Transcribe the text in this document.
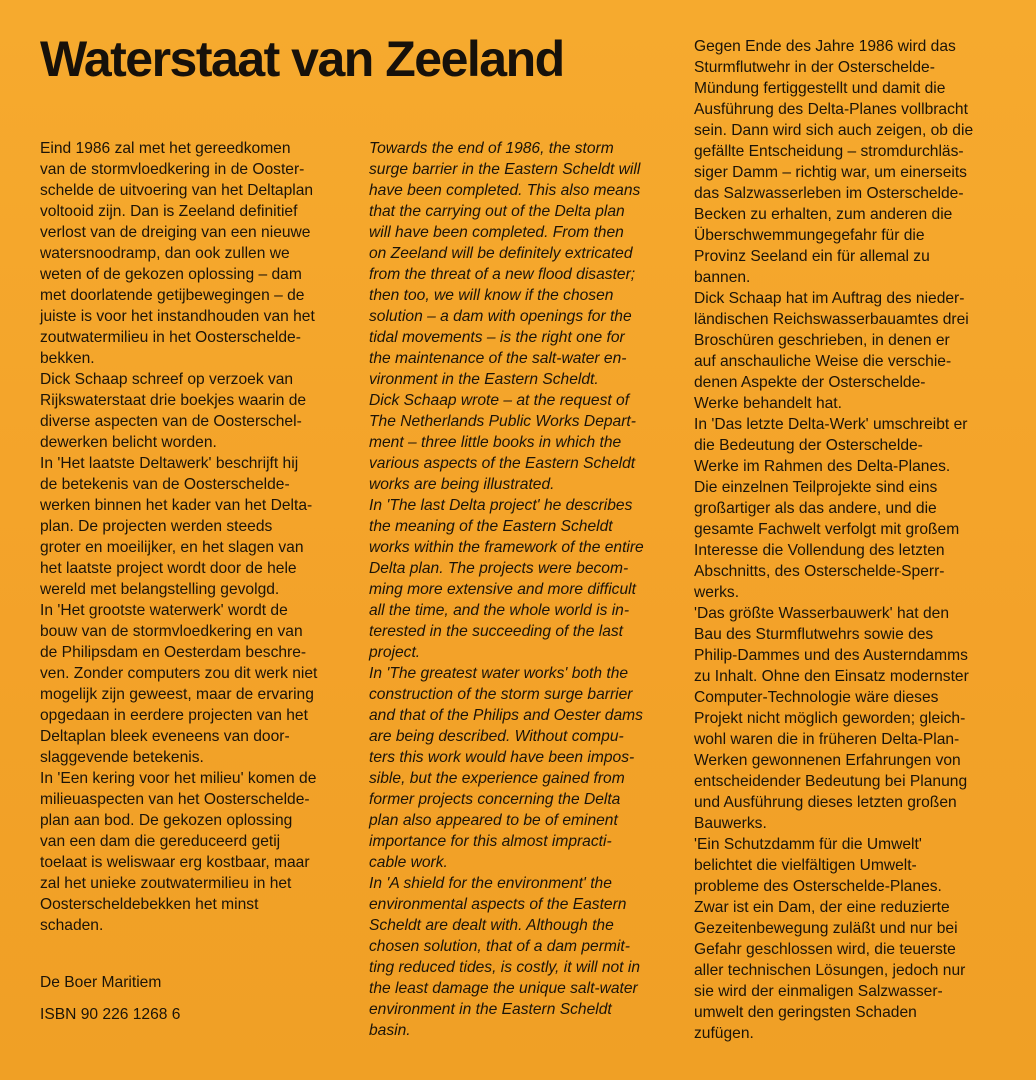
Waterstaat van Zeeland

Eind 1986 zal met het gereedkomen

van de stormvloedkering in de Ooster-

schelde de uitvoering van het Deltaplan

voltooid zijn. Dan is Zeeland definitief

verlost van de dreiging van een nieuwe

watersnoodramp, dan ook zullen we

weten of de gekozen oplossing – dam

met doorlatende getijbewegingen – de

juiste is voor het instandhouden van het

zoutwatermilieu in het Oosterschelde-

bekken.

Dick Schaap schreef op verzoek van

Rijkswaterstaat drie boekjes waarin de

diverse aspecten van de Oosterschel-

dewerken belicht worden.

In 'Het laatste Deltawerk' beschrijft hij

de betekenis van de Oosterschelde-

werken binnen het kader van het Delta-

plan. De projecten werden steeds

groter en moeilijker, en het slagen van

het laatste project wordt door de hele

wereld met belangstelling gevolgd.

In 'Het grootste waterwerk' wordt de

bouw van de stormvloedkering en van

de Philipsdam en Oesterdam beschre-

ven. Zonder computers zou dit werk niet

mogelijk zijn geweest, maar de ervaring

opgedaan in eerdere projecten van het

Deltaplan bleek eveneens van door-

slaggevende betekenis.

In 'Een kering voor het milieu' komen de

milieuaspecten van het Oosterschelde-

plan aan bod. De gekozen oplossing

van een dam die gereduceerd getij

toelaat is weliswaar erg kostbaar, maar

zal het unieke zoutwatermilieu in het

Oosterscheldebekken het minst

schaden.

Towards the end of 1986, the storm

surge barrier in the Eastern Scheldt will

have been completed. This also means

that the carrying out of the Delta plan

will have been completed. From then

on Zeeland will be definitely extricated

from the threat of a new flood disaster;

then too, we will know if the chosen

solution – a dam with openings for the

tidal movements – is the right one for

the maintenance of the salt-water en-

vironment in the Eastern Scheldt.

Dick Schaap wrote – at the request of

The Netherlands Public Works Depart-

ment – three little books in which the

various aspects of the Eastern Scheldt

works are being illustrated.

In 'The last Delta project' he describes

the meaning of the Eastern Scheldt

works within the framework of the entire

Delta plan. The projects were becom-

ming more extensive and more difficult

all the time, and the whole world is in-

terested in the succeeding of the last

project.

In 'The greatest water works' both the

construction of the storm surge barrier

and that of the Philips and Oester dams

are being described. Without compu-

ters this work would have been impos-

sible, but the experience gained from

former projects concerning the Delta

plan also appeared to be of eminent

importance for this almost impracti-

cable work.

In 'A shield for the environment' the

environmental aspects of the Eastern

Scheldt are dealt with. Although the

chosen solution, that of a dam permit-

ting reduced tides, is costly, it will not in

the least damage the unique salt-water

environment in the Eastern Scheldt

basin.

Gegen Ende des Jahre 1986 wird das

Sturmflutwehr in der Osterschelde-

Mündung fertiggestellt und damit die

Ausführung des Delta-Planes vollbracht

sein. Dann wird sich auch zeigen, ob die

gefällte Entscheidung – stromdurchläs-

siger Damm – richtig war, um einerseits

das Salzwasserleben im Osterschelde-

Becken zu erhalten, zum anderen die

Überschwemmungegefahr für die

Provinz Seeland ein für allemal zu

bannen.

Dick Schaap hat im Auftrag des nieder-

ländischen Reichswasserbauamtes drei

Broschüren geschrieben, in denen er

auf anschauliche Weise die verschie-

denen Aspekte der Osterschelde-

Werke behandelt hat.

In 'Das letzte Delta-Werk' umschreibt er

die Bedeutung der Osterschelde-

Werke im Rahmen des Delta-Planes.

Die einzelnen Teilprojekte sind eins

großartiger als das andere, und die

gesamte Fachwelt verfolgt mit großem

Interesse die Vollendung des letzten

Abschnitts, des Osterschelde-Sperr-

werks.

'Das größte Wasserbauwerk' hat den

Bau des Sturmflutwehrs sowie des

Philip-Dammes und des Austerndamms

zu Inhalt. Ohne den Einsatz modernster

Computer-Technologie wäre dieses

Projekt nicht möglich geworden; gleich-

wohl waren die in früheren Delta-Plan-

Werken gewonnenen Erfahrungen von

entscheidender Bedeutung bei Planung

und Ausführung dieses letzten großen

Bauwerks.

'Ein Schutzdamm für die Umwelt'

belichtet die vielfältigen Umwelt-

probleme des Osterschelde-Planes.

Zwar ist ein Dam, der eine reduzierte

Gezeitenbewegung zuläßt und nur bei

Gefahr geschlossen wird, die teuerste

aller technischen Lösungen, jedoch nur

sie wird der einmaligen Salzwasser-

umwelt den geringsten Schaden

zufügen.

De Boer Maritiem

ISBN 90 226 1268 6
